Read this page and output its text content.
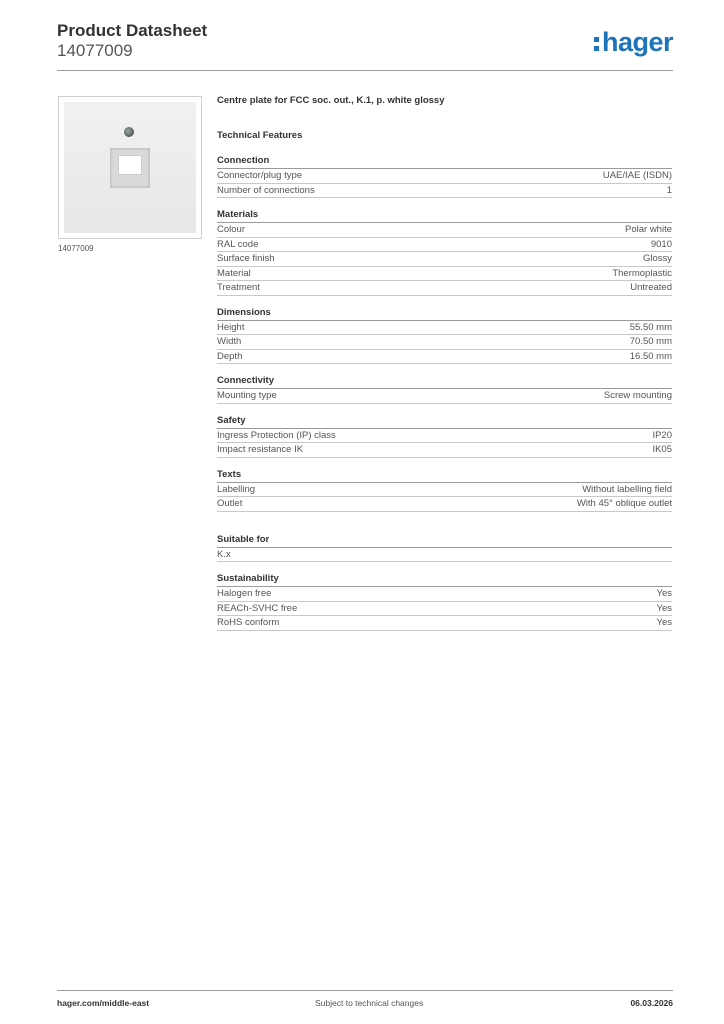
Product Datasheet
14077009	hager
14077009
Centre plate for FCC soc. out., K.1, p. white glossy
Technical Features
Connection
Connector/plug type	UAE/IAE (ISDN)
Number of connections	1
Materials
Colour	Polar white
RAL code	9010
Surface finish	Glossy
Material	Thermoplastic
Treatment	Untreated
Dimensions
Height	55.50 mm
Width	70.50 mm
Depth	16.50 mm
Connectivity
Mounting type	Screw mounting
Safety
Ingress Protection (IP) class	IP20
Impact resistance IK	IK05
Texts
Labelling	Without labelling field
Outlet	With 45° oblique outlet
Suitable for
K.x
Sustainability
Halogen free	Yes
REACh-SVHC free	Yes
RoHS conform	Yes
hager.com/middle-east	Subject to technical changes	06.03.2026
